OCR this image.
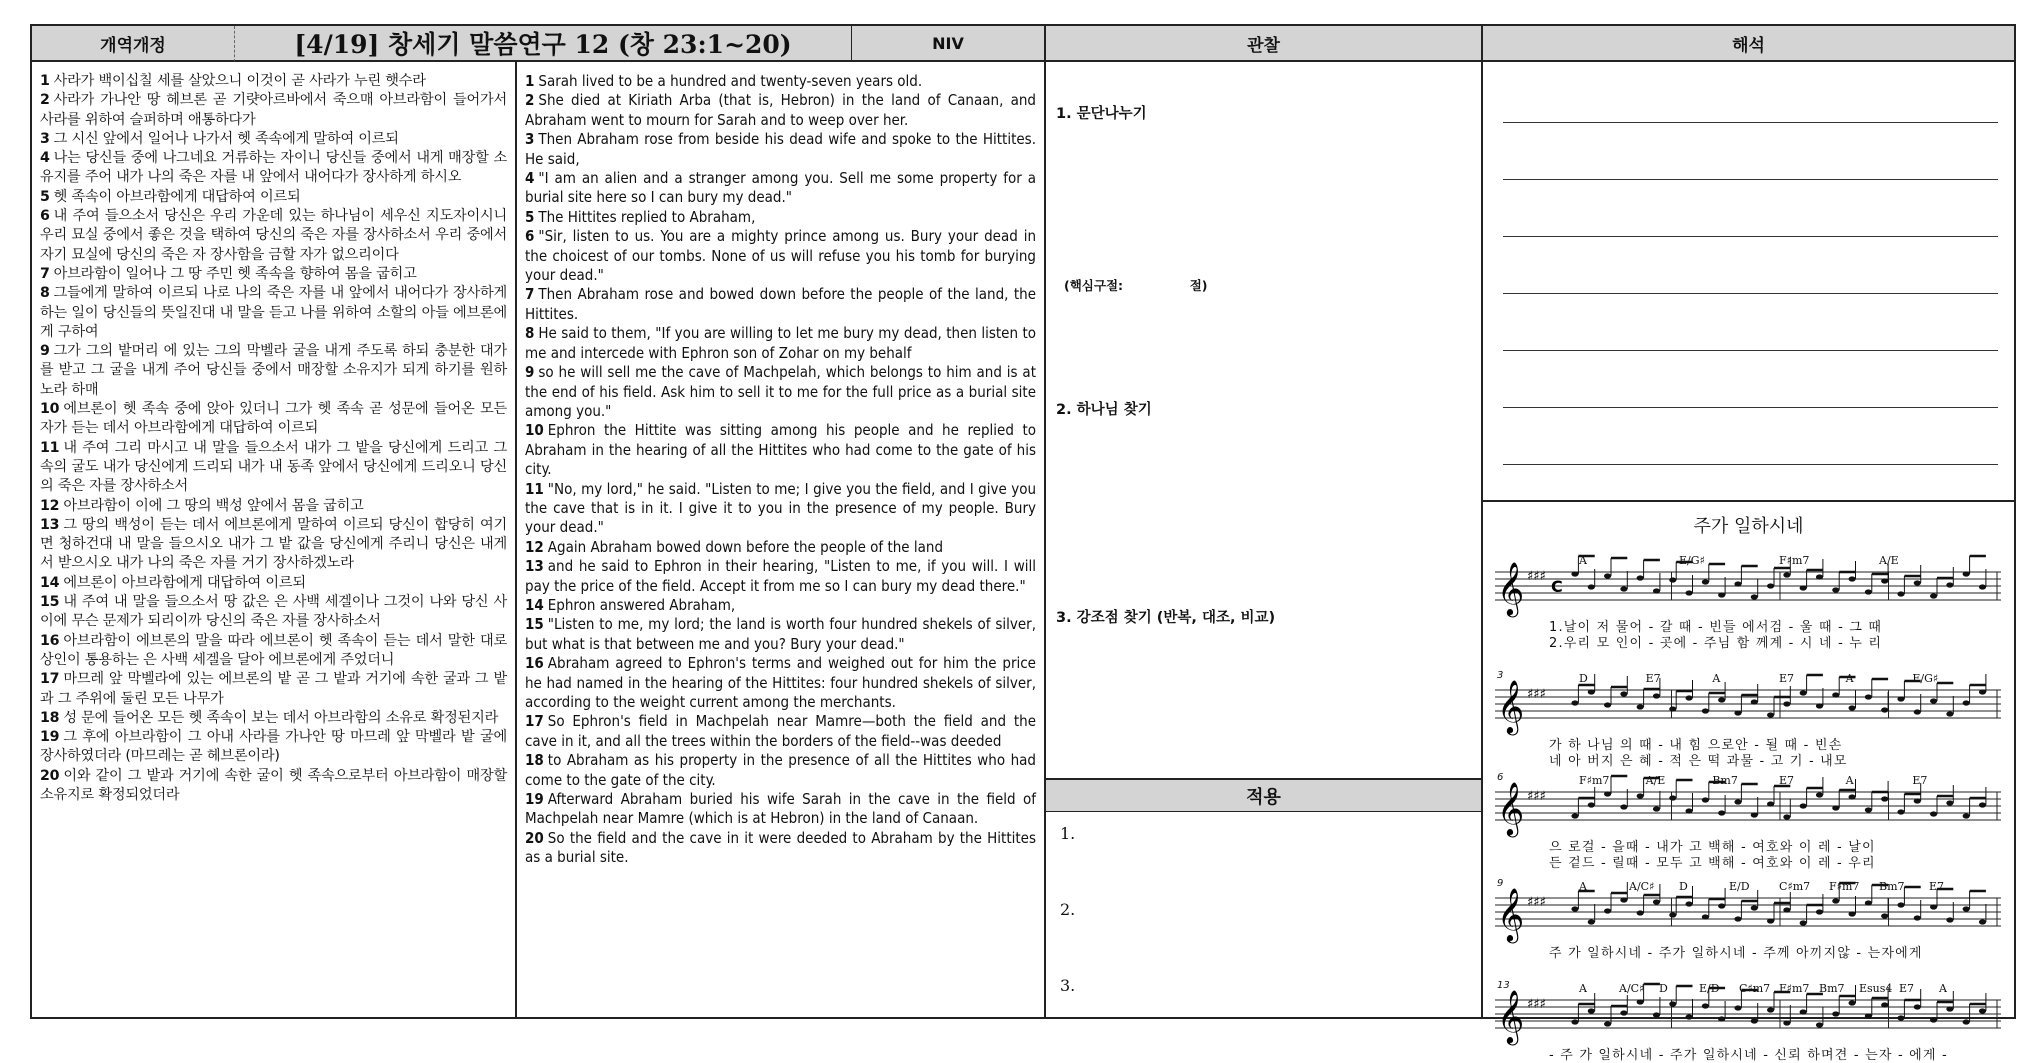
개역개정	[4/19] 창세기 말씀연구 12 (창 23:1~20)	NIV	관찰	해석

1 사라가 백이십칠 세를 살았으니 이것이 곧 사라가 누린 햇수라

2 사라가 가나안 땅 헤브론 곧 기럇아르바에서 죽으매 아브라함이 들어가서 사라를 위하여 슬퍼하며 애통하다가

3 그 시신 앞에서 일어나 나가서 헷 족속에게 말하여 이르되

4 나는 당신들 중에 나그네요 거류하는 자이니 당신들 중에서 내게 매장할 소유지를 주어 내가 나의 죽은 자를 내 앞에서 내어다가 장사하게 하시오

5 헷 족속이 아브라함에게 대답하여 이르되

6 내 주여 들으소서 당신은 우리 가운데 있는 하나님이 세우신 지도자이시니 우리 묘실 중에서 좋은 것을 택하여 당신의 죽은 자를 장사하소서 우리 중에서 자기 묘실에 당신의 죽은 자 장사함을 금할 자가 없으리이다

7 아브라함이 일어나 그 땅 주민 헷 족속을 향하여 몸을 굽히고

8 그들에게 말하여 이르되 나로 나의 죽은 자를 내 앞에서 내어다가 장사하게 하는 일이 당신들의 뜻일진대 내 말을 듣고 나를 위하여 소할의 아들 에브론에게 구하여

9 그가 그의 밭머리 에 있는 그의 막벨라 굴을 내게 주도록 하되 충분한 대가를 받고 그 굴을 내게 주어 당신들 중에서 매장할 소유지가 되게 하기를 원하노라 하매

10 에브론이 헷 족속 중에 앉아 있더니 그가 헷 족속 곧 성문에 들어온 모든 자가 듣는 데서 아브라함에게 대답하여 이르되

11 내 주여 그리 마시고 내 말을 들으소서 내가 그 밭을 당신에게 드리고 그 속의 굴도 내가 당신에게 드리되 내가 내 동족 앞에서 당신에게 드리오니 당신의 죽은 자를 장사하소서

12 아브라함이 이에 그 땅의 백성 앞에서 몸을 굽히고

13 그 땅의 백성이 듣는 데서 에브론에게 말하여 이르되 당신이 합당히 여기면 청하건대 내 말을 들으시오 내가 그 밭 값을 당신에게 주리니 당신은 내게서 받으시오 내가 나의 죽은 자를 거기 장사하겠노라

14 에브론이 아브라함에게 대답하여 이르되

15 내 주여 내 말을 들으소서 땅 값은 은 사백 세겔이나 그것이 나와 당신 사이에 무슨 문제가 되리이까 당신의 죽은 자를 장사하소서

16 아브라함이 에브론의 말을 따라 에브론이 헷 족속이 듣는 데서 말한 대로 상인이 통용하는 은 사백 세겔을 달아 에브론에게 주었더니

17 마므레 앞 막벨라에 있는 에브론의 밭 곧 그 밭과 거기에 속한 굴과 그 밭과 그 주위에 둘린 모든 나무가

18 성 문에 들어온 모든 헷 족속이 보는 데서 아브라함의 소유로 확정된지라

19 그 후에 아브라함이 그 아내 사라를 가나안 땅 마므레 앞 막벨라 밭 굴에 장사하였더라 (마므레는 곧 헤브론이라)

20 이와 같이 그 밭과 거기에 속한 굴이 헷 족속으로부터 아브라함이 매장할 소유지로 확정되었더라

1 Sarah lived to be a hundred and twenty-seven years old.

2 She died at Kiriath Arba (that is, Hebron) in the land of Canaan, and Abraham went to mourn for Sarah and to weep over her.

3 Then Abraham rose from beside his dead wife and spoke to the Hittites. He said,

4 "I am an alien and a stranger among you. Sell me some property for a burial site here so I can bury my dead."

5 The Hittites replied to Abraham,

6 "Sir, listen to us. You are a mighty prince among us. Bury your dead in the choicest of our tombs. None of us will refuse you his tomb for burying your dead."

7 Then Abraham rose and bowed down before the people of the land, the Hittites.

8 He said to them, "If you are willing to let me bury my dead, then listen to me and intercede with Ephron son of Zohar on my behalf

9 so he will sell me the cave of Machpelah, which belongs to him and is at the end of his field. Ask him to sell it to me for the full price as a burial site among you."

10 Ephron the Hittite was sitting among his people and he replied to Abraham in the hearing of all the Hittites who had come to the gate of his city.

11 "No, my lord," he said. "Listen to me; I give you the field, and I give you the cave that is in it. I give it to you in the presence of my people. Bury your dead."

12 Again Abraham bowed down before the people of the land

13 and he said to Ephron in their hearing, "Listen to me, if you will. I will pay the price of the field. Accept it from me so I can bury my dead there."

14 Ephron answered Abraham,

15 "Listen to me, my lord; the land is worth four hundred shekels of silver, but what is that between me and you? Bury your dead."

16 Abraham agreed to Ephron's terms and weighed out for him the price he had named in the hearing of the Hittites: four hundred shekels of silver, according to the weight current among the merchants.

17 So Ephron's field in Machpelah near Mamre—both the field and the cave in it, and all the trees within the borders of the field--was deeded

18 to Abraham as his property in the presence of all the Hittites who had come to the gate of the city.

19 Afterward Abraham buried his wife Sarah in the cave in the field of Machpelah near Mamre (which is at Hebron) in the land of Canaan.

20 So the field and the cave in it were deeded to Abraham by the Hittites as a burial site.

1. 문단나누기
(핵심구절:	절)
2. 하나님 찾기
3. 강조점 찾기 (반복, 대조, 비교)
적용
1.
2.
3.
주가 일하시네
𝄞 ♯♯♯
C
A	E/G♯	F♯m7	A/E
1.날이 저 물어 - 갈 때 - 빈들 에서검 - 울 때 - 그 때
2.우리 모 인이 - 곳에 - 주님 함 께계 - 시 네 - 누 리
𝄞 ♯♯♯
D	E7	A	E7	A	E/G♯
3
가 하 나님 의 때 - 내 힘 으로안 - 될 때 - 빈손
네 아 버지 은 혜 - 적 은 떡 과물 - 고 기 - 내모
𝄞 ♯♯♯
F♯m7	A/E	Bm7	E7	A	E7
6
으 로걸 - 을때 - 내가 고 백해 - 여호와 이 레 - 날이
든 겉드 - 릴때 - 모두 고 백해 - 여호와 이 레 - 우리
𝄞 ♯♯♯
A	A/C♯ D	E/D	C♯m7 F♯m7 Bm7 E7
9
주 가 일하시네 - 주가 일하시네 - 주께 아끼지않 - 는자에게
𝄞 ♯♯♯
A	A/C♯ D	E/D C♯m7 F♯m7 Bm7 Esus4 E7 A
13
- 주 가 일하시네 - 주가 일하시네 - 신뢰 하며견 - 는자 - 에게 -
